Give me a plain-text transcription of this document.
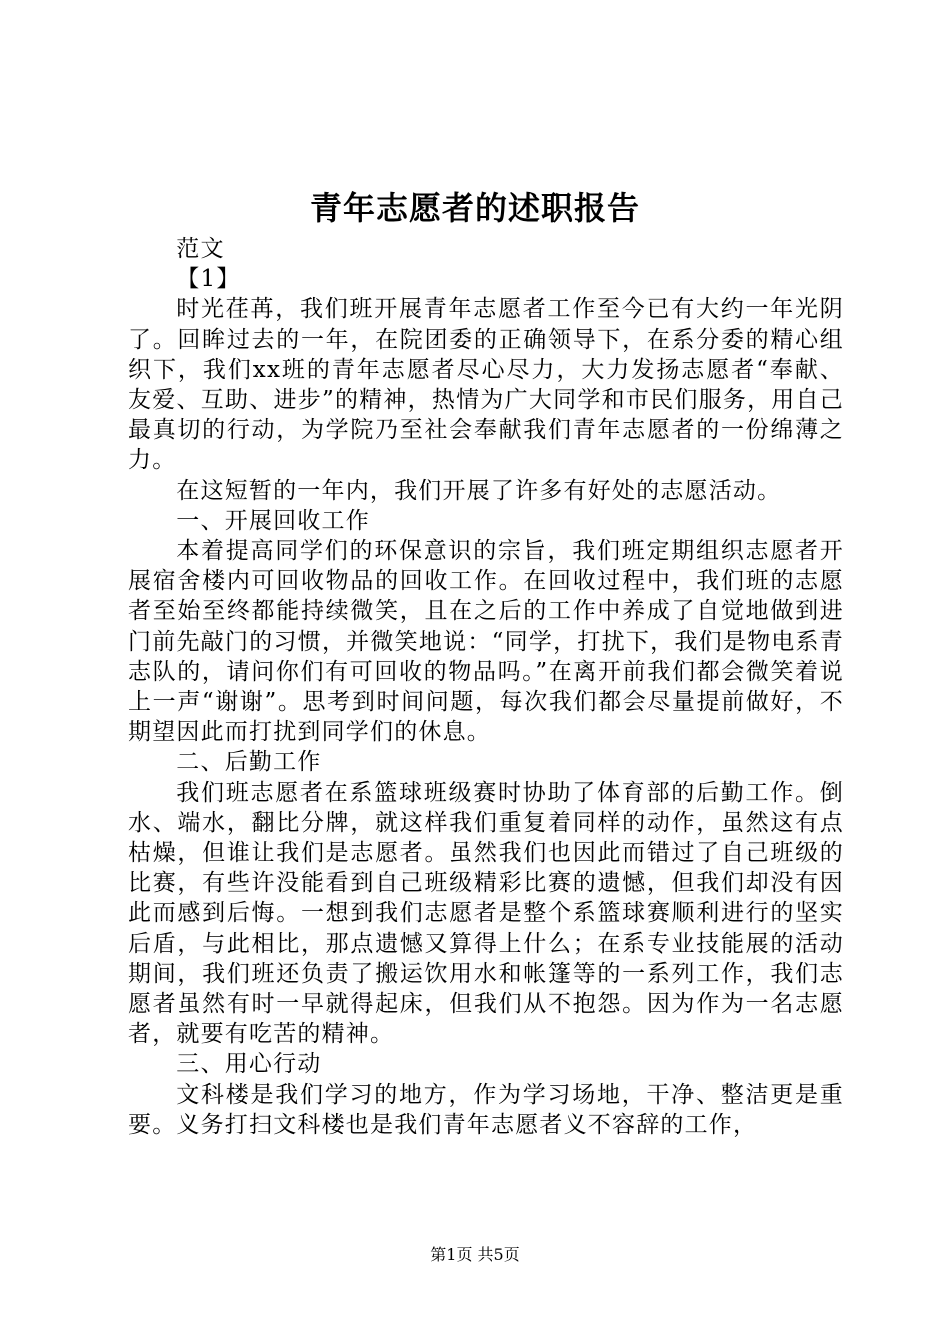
青年志愿者的述职报告

范文

【1】

时光荏苒，我们班开展青年志愿者工作至今已有大约一年光阴了。回眸过去的一年，在院团委的正确领导下，在系分委的精心组织下，我们xx班的青年志愿者尽心尽力，大力发扬志愿者“奉献、友爱、互助、进步”的精神，热情为广大同学和市民们服务，用自己最真切的行动，为学院乃至社会奉献我们青年志愿者的一份绵薄之力。

在这短暂的一年内，我们开展了许多有好处的志愿活动。

一、开展回收工作

本着提高同学们的环保意识的宗旨，我们班定期组织志愿者开展宿舍楼内可回收物品的回收工作。在回收过程中，我们班的志愿者至始至终都能持续微笑，且在之后的工作中养成了自觉地做到进门前先敲门的习惯，并微笑地说：“同学，打扰下，我们是物电系青志队的，请问你们有可回收的物品吗。”在离开前我们都会微笑着说上一声“谢谢”。思考到时间问题，每次我们都会尽量提前做好，不期望因此而打扰到同学们的休息。

二、后勤工作

我们班志愿者在系篮球班级赛时协助了体育部的后勤工作。倒水、端水，翻比分牌，就这样我们重复着同样的动作，虽然这有点枯燥，但谁让我们是志愿者。虽然我们也因此而错过了自己班级的比赛，有些许没能看到自己班级精彩比赛的遗憾，但我们却没有因此而感到后悔。一想到我们志愿者是整个系篮球赛顺利进行的坚实后盾，与此相比，那点遗憾又算得上什么；在系专业技能展的活动期间，我们班还负责了搬运饮用水和帐篷等的一系列工作，我们志愿者虽然有时一早就得起床，但我们从不抱怨。因为作为一名志愿者，就要有吃苦的精神。

三、用心行动

文科楼是我们学习的地方，作为学习场地，干净、整洁更是重要。义务打扫文科楼也是我们青年志愿者义不容辞的工作，

第1页 共5页
